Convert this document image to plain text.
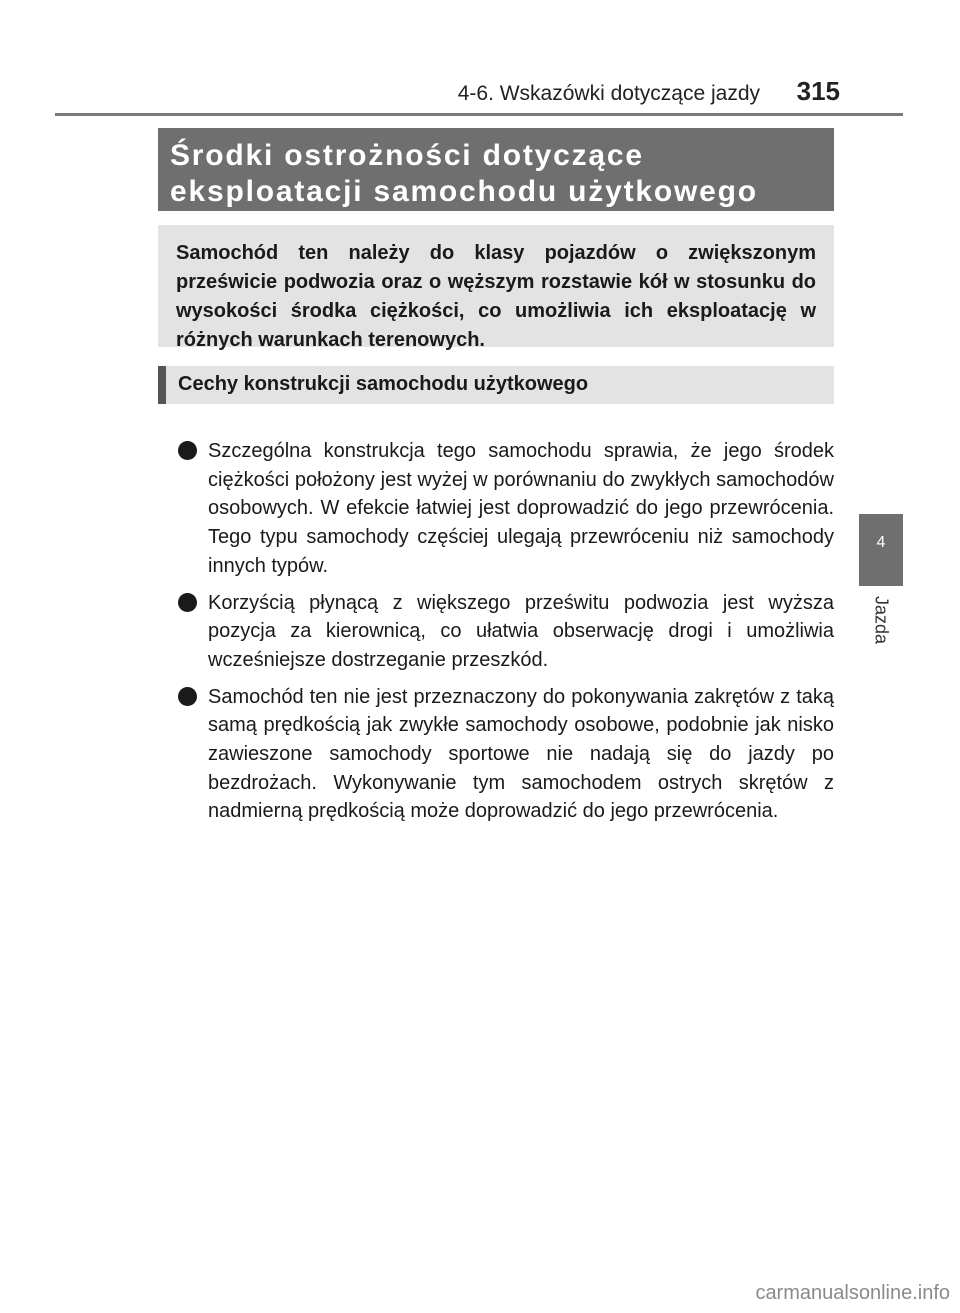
4-6. Wskazówki dotyczące jazdy 315
Środki ostrożności dotyczące eksploatacji samochodu użytkowego

Samochód ten należy do klasy pojazdów o zwiększonym prześwicie podwozia oraz o węższym rozstawie kół w stosunku do wysokości środka ciężkości, co umożliwia ich eksploatację w różnych warunkach terenowych.

Cechy konstrukcji samochodu użytkowego
Szczególna konstrukcja tego samochodu sprawia, że jego środek ciężkości położony jest wyżej w porównaniu do zwykłych samochodów osobowych. W efekcie łatwiej jest doprowadzić do jego przewrócenia. Tego typu samochody częściej ulegają przewróceniu niż samochody innych typów.
Korzyścią płynącą z większego prześwitu podwozia jest wyższa pozycja za kierownicą, co ułatwia obserwację drogi i umożliwia wcześniejsze dostrzeganie przeszkód.
Samochód ten nie jest przeznaczony do pokonywania zakrętów z taką samą prędkością jak zwykłe samochody osobowe, podobnie jak nisko zawieszone samochody sportowe nie nadają się do jazdy po bezdrożach. Wykonywanie tym samochodem ostrych skrętów z nadmierną prędkością może doprowadzić do jego przewrócenia.
4
Jazda
carmanualsonline.info
